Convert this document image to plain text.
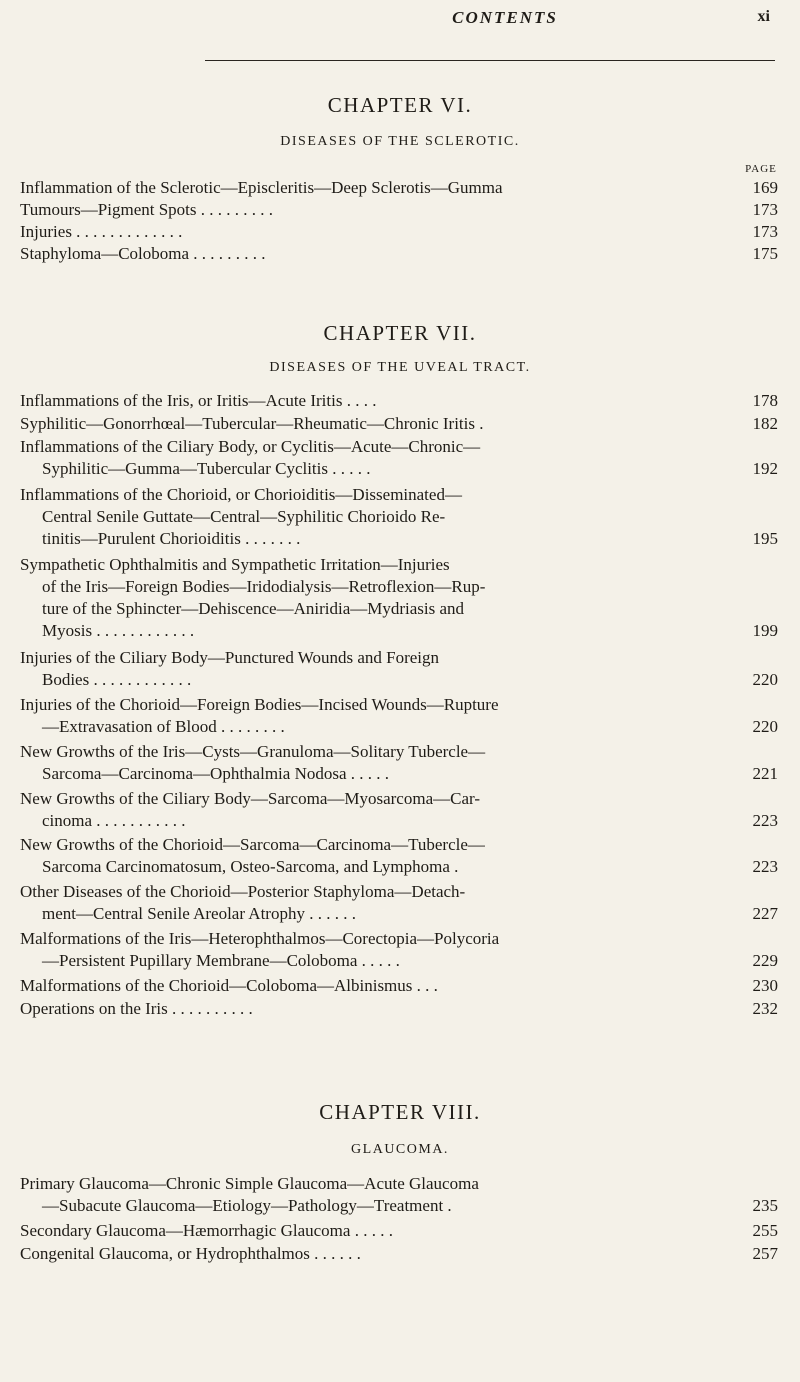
CONTENTS	xi
CHAPTER VI.
DISEASES OF THE SCLEROTIC.
PAGE
Inflammation of the Sclerotic—Episcleritis—Deep Sclerotis—Gumma	169
Tumours—Pigment Spots . . . . . . . . .	173
Injuries . . . . . . . . . . . . .	173
Staphyloma—Coloboma . . . . . . . . .	175
CHAPTER VII.
DISEASES OF THE UVEAL TRACT.
Inflammations of the Iris, or Iritis—Acute Iritis . . . .	178
Syphilitic—Gonorrhœal—Tubercular—Rheumatic—Chronic Iritis .	182
Inflammations of the Ciliary Body, or Cyclitis—Acute—Chronic—
Syphilitic—Gumma—Tubercular Cyclitis . . . . .	192
Inflammations of the Chorioid, or Chorioiditis—Disseminated—
Central Senile Guttate—Central—Syphilitic Chorioido Re-
tinitis—Purulent Chorioiditis . . . . . . .	195
Sympathetic Ophthalmitis and Sympathetic Irritation—Injuries
of the Iris—Foreign Bodies—Iridodialysis—Retroflexion—Rup-
ture of the Sphincter—Dehiscence—Aniridia—Mydriasis and
Myosis . . . . . . . . . . . .	199
Injuries of the Ciliary Body—Punctured Wounds and Foreign
Bodies . . . . . . . . . . . .	220
Injuries of the Chorioid—Foreign Bodies—Incised Wounds—Rupture
—Extravasation of Blood . . . . . . . .	220
New Growths of the Iris—Cysts—Granuloma—Solitary Tubercle—
Sarcoma—Carcinoma—Ophthalmia Nodosa . . . . .	221
New Growths of the Ciliary Body—Sarcoma—Myosarcoma—Car-
cinoma . . . . . . . . . . .	223
New Growths of the Chorioid—Sarcoma—Carcinoma—Tubercle—
Sarcoma Carcinomatosum, Osteo-Sarcoma, and Lymphoma .	223
Other Diseases of the Chorioid—Posterior Staphyloma—Detach-
ment—Central Senile Areolar Atrophy . . . . . .	227
Malformations of the Iris—Heterophthalmos—Corectopia—Polycoria
—Persistent Pupillary Membrane—Coloboma . . . . .	229
Malformations of the Chorioid—Coloboma—Albinismus . . .	230
Operations on the Iris . . . . . . . . . .	232
CHAPTER VIII.
GLAUCOMA.
Primary Glaucoma—Chronic Simple Glaucoma—Acute Glaucoma
—Subacute Glaucoma—Etiology—Pathology—Treatment .	235
Secondary Glaucoma—Hæmorrhagic Glaucoma . . . . .	255
Congenital Glaucoma, or Hydrophthalmos . . . . . .	257
